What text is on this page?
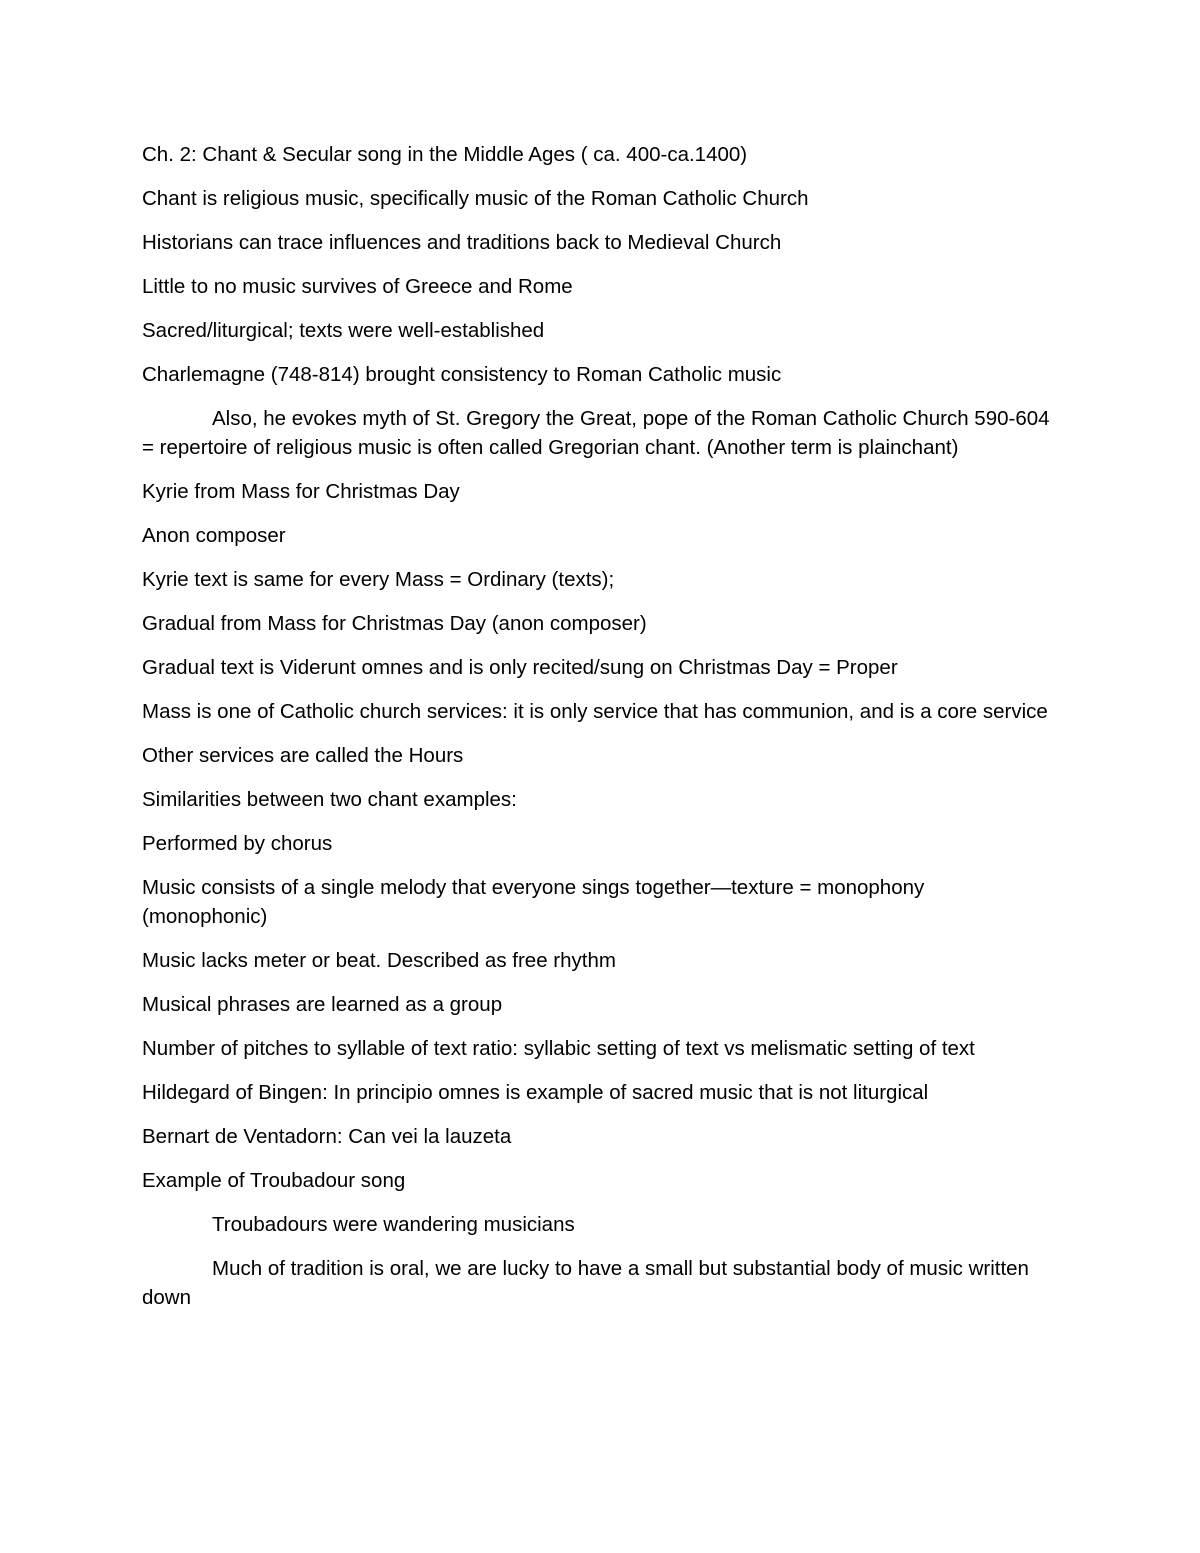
Ch. 2: Chant & Secular song in the Middle Ages ( ca. 400-ca.1400)

Chant is religious music, specifically music of the Roman Catholic Church

Historians can trace influences and traditions back to Medieval Church

Little to no music survives of Greece and Rome

Sacred/liturgical; texts were well-established

Charlemagne (748-814) brought consistency to Roman Catholic music

Also, he evokes myth of St. Gregory the Great, pope of the Roman Catholic Church 590-604 = repertoire of religious music is often called Gregorian chant. (Another term is plainchant)

Kyrie from Mass for Christmas Day

Anon composer

Kyrie text is same for every Mass = Ordinary (texts);

Gradual from Mass for Christmas Day (anon composer)

Gradual text is Viderunt omnes and is only recited/sung on Christmas Day = Proper

Mass is one of Catholic church services: it is only service that has communion, and is a core service

Other services are called the Hours

Similarities between two chant examples:

Performed by chorus

Music consists of a single melody that everyone sings together—texture = monophony (monophonic)

Music lacks meter or beat. Described as free rhythm

Musical phrases are learned as a group

Number of pitches to syllable of text ratio: syllabic setting of text vs melismatic setting of text

Hildegard of Bingen: In principio omnes is example of sacred music that is not liturgical

Bernart de Ventadorn: Can vei la lauzeta

Example of Troubadour song

Troubadours were wandering musicians

Much of tradition is oral, we are lucky to have a small but substantial body of music written down
